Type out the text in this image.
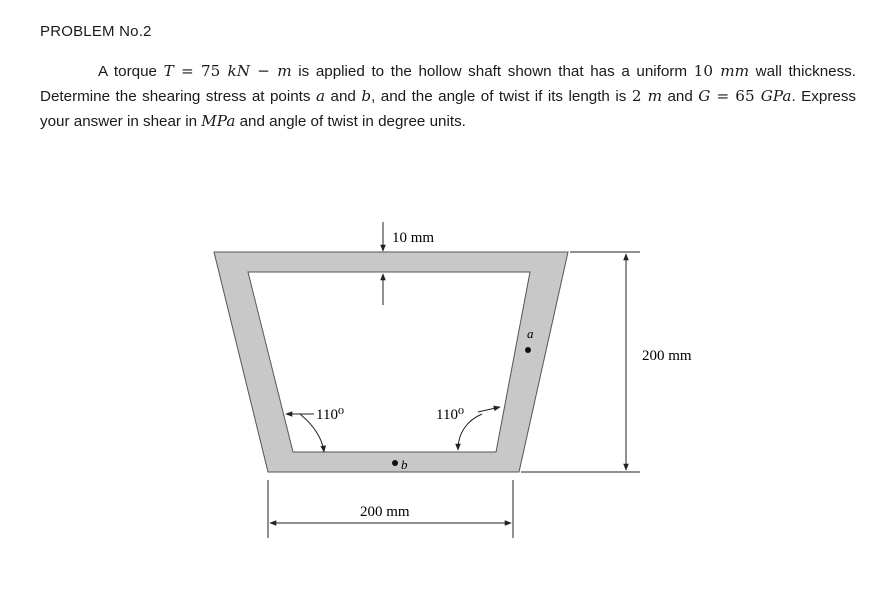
PROBLEM No.2

A torque T = 75 kN − m is applied to the hollow shaft shown that has a uniform 10 mm wall thickness. Determine the shearing stress at points a and b, and the angle of twist if its length is 2 m and G = 65 GPa. Express your answer in shear in MPa and angle of twist in degree units.

10 mm
200 mm
200 mm
110⁰	110⁰
a
b
